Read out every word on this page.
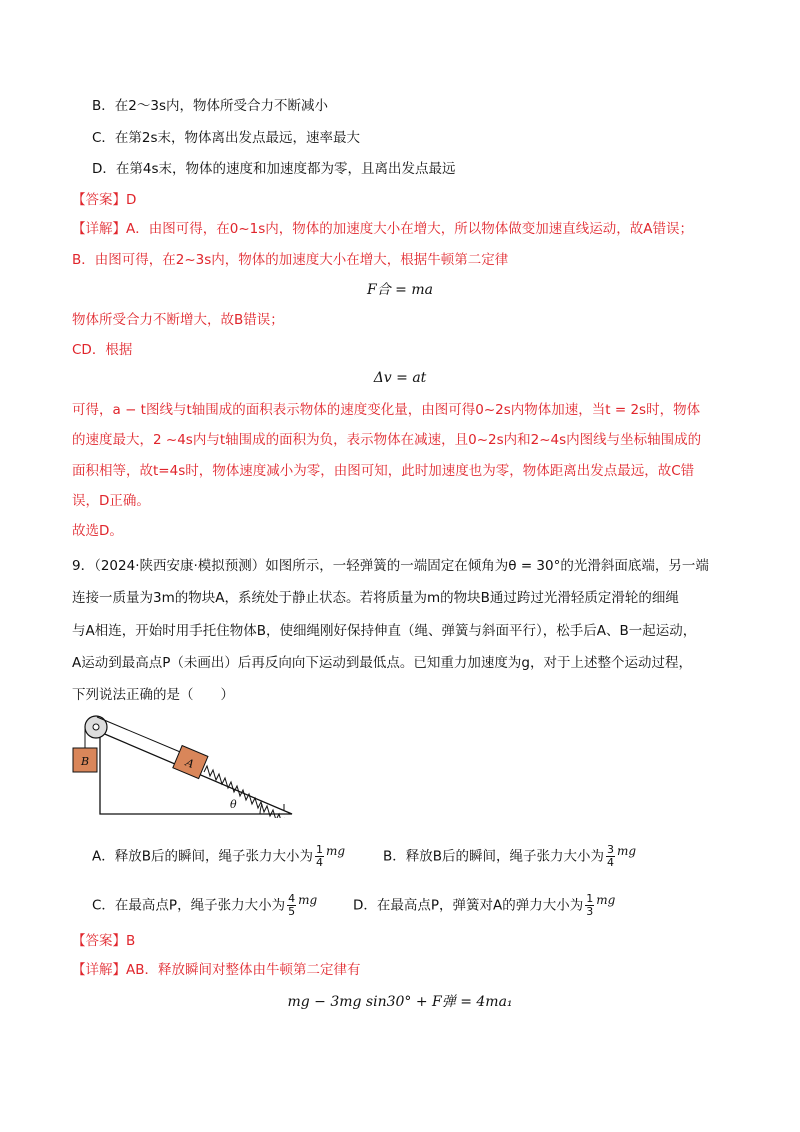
B．在2～3s内，物体所受合力不断减小
C．在第2s末，物体离出发点最远，速率最大
D．在第4s末，物体的速度和加速度都为零，且离出发点最远
【答案】D
【详解】A．由图可得，在0~1s内，物体的加速度大小在增大，所以物体做变加速直线运动，故A错误；
B．由图可得，在2~3s内，物体的加速度大小在增大，根据牛顿第二定律
F合 = ma
物体所受合力不断增大，故B错误；
CD．根据
Δv = at
可得，a − t图线与t轴围成的面积表示物体的速度变化量，由图可得0~2s内物体加速，当t = 2s时，物体
的速度最大，2 ~4s内与t轴围成的面积为负，表示物体在减速，且0~2s内和2~4s内图线与坐标轴围成的
面积相等，故t=4s时，物体速度减小为零，由图可知，此时加速度也为零，物体距离出发点最远，故C错
误，D正确。
故选D。
9．（2024·陕西安康·模拟预测）如图所示，一轻弹簧的一端固定在倾角为θ = 30°的光滑斜面底端，另一端
连接一质量为3m的物块A，系统处于静止状态。若将质量为m的物块B通过跨过光滑轻质定滑轮的细绳
与A相连，开始时用手托住物体B，使细绳刚好保持伸直（绳、弹簧与斜面平行），松手后A、B一起运动，
A运动到最高点P（未画出）后再反向向下运动到最低点。已知重力加速度为g，对于上述整个运动过程，
下列说法正确的是（　　）
B	A
θ
A．释放B后的瞬间，绳子张力大小为 $\frac{1}{4}$ mg	B．释放B后的瞬间，绳子张力大小为 $\frac{3}{4}$ mg
C．在最高点P，绳子张力大小为 $\frac{4}{5}$ mg	D．在最高点P，弹簧对A的弹力大小为 $\frac{1}{3}$ mg
【答案】B
【详解】AB．释放瞬间对整体由牛顿第二定律有
mg − 3mg sin30° + F弹 = 4ma₁
